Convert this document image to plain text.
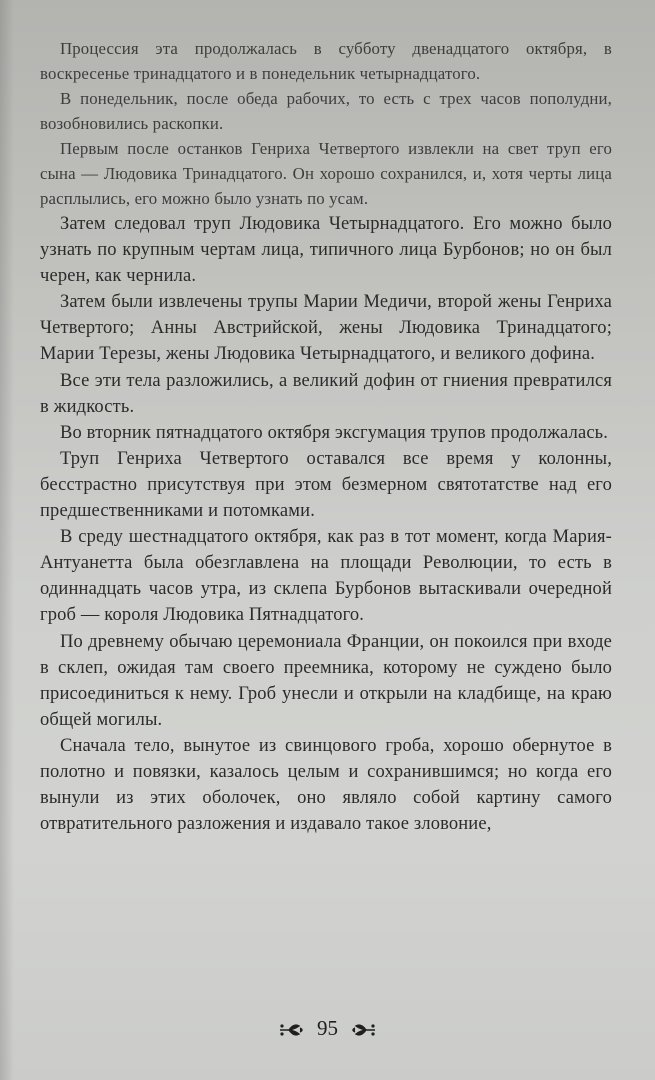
Процессия эта продолжалась в субботу двенадцатого октября, в воскресенье тринадцатого и в понедельник четырнадцатого.

В понедельник, после обеда рабочих, то есть с трех часов пополудни, возобновились раскопки.

Первым после останков Генриха Четвертого извлекли на свет труп его сына — Людовика Тринадцатого. Он хорошо сохранился, и, хотя черты лица расплылись, его можно было узнать по усам.

Затем следовал труп Людовика Четырнадцатого. Его можно было узнать по крупным чертам лица, типичного лица Бурбонов; но он был черен, как чернила.

Затем были извлечены трупы Марии Медичи, второй жены Генриха Четвертого; Анны Австрийской, жены Людовика Тринадцатого; Марии Терезы, жены Людовика Четырнадцатого, и великого дофина.

Все эти тела разложились, а великий дофин от гниения превратился в жидкость.

Во вторник пятнадцатого октября эксгумация трупов продолжалась.

Труп Генриха Четвертого оставался все время у колонны, бесстрастно присутствуя при этом безмерном святотатстве над его предшественниками и потомками.

В среду шестнадцатого октября, как раз в тот момент, когда Мария-Антуанетта была обезглавлена на площади Революции, то есть в одиннадцать часов утра, из склепа Бурбонов вытаскивали очередной гроб — короля Людовика Пятнадцатого.

По древнему обычаю церемониала Франции, он покоился при входе в склеп, ожидая там своего преемника, которому не суждено было присоединиться к нему. Гроб унесли и открыли на кладбище, на краю общей могилы.

Сначала тело, вынутое из свинцового гроба, хорошо обернутое в полотно и повязки, казалось целым и сохранившимся; но когда его вынули из этих оболочек, оно являло собой картину самого отвратительного разложения и издавало такое зловоние,

95
